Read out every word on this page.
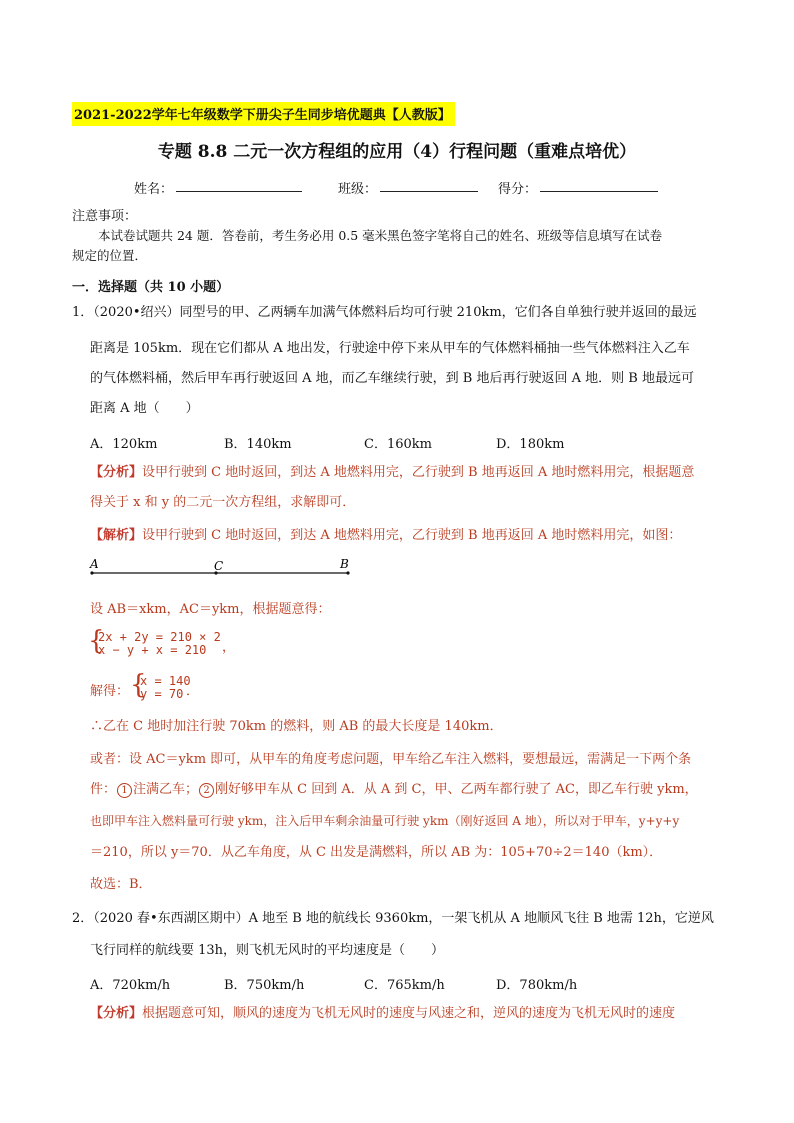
2021-2022学年七年级数学下册尖子生同步培优题典【人教版】
专题 8.8 二元一次方程组的应用（4）行程问题（重难点培优）
姓名：	班级：	得分：
注意事项：
本试卷试题共 24 题．答卷前，考生务必用 0.5 毫米黑色签字笔将自己的姓名、班级等信息填写在试卷
规定的位置．
一．选择题（共 10 小题）
1．（2020•绍兴）同型号的甲、乙两辆车加满气体燃料后均可行驶 210km，它们各自单独行驶并返回的最远
距离是 105km．现在它们都从 A 地出发，行驶途中停下来从甲车的气体燃料桶抽一些气体燃料注入乙车
的气体燃料桶，然后甲车再行驶返回 A 地，而乙车继续行驶，到 B 地后再行驶返回 A 地．则 B 地最远可
距离 A 地（　　）
A．120km	B．140km	C．160km	D．180km
【分析】设甲行驶到 C 地时返回，到达 A 地燃料用完，乙行驶到 B 地再返回 A 地时燃料用完，根据题意
得关于 x 和 y 的二元一次方程组，求解即可．
【解析】设甲行驶到 C 地时返回，到达 A 地燃料用完，乙行驶到 B 地再返回 A 地时燃料用完，如图：
A	C	B
设 AB＝xkm，AC＝ykm，根据题意得：
{
2x + 2y = 210 × 2
x − y + x = 210	，
解得： {
x = 140
y = 70 ．
∴乙在 C 地时加注行驶 70km 的燃料，则 AB 的最大长度是 140km．
或者：设 AC＝ykm 即可，从甲车的角度考虑问题，甲车给乙车注入燃料，要想最远，需满足一下两个条
件： 1 注满乙车； 2 刚好够甲车从 C 回到 A．从 A 到 C，甲、乙两车都行驶了 AC，即乙车行驶 ykm，
也即甲车注入燃料量可行驶 ykm，注入后甲车剩余油量可行驶 ykm（刚好返回 A 地），所以对于甲车，y+y+y
＝210，所以 y＝70．从乙车角度，从 C 出发是满燃料，所以 AB 为：105+70÷2＝140（km）．
故选：B．
2．（2020 春•东西湖区期中）A 地至 B 地的航线长 9360km，一架飞机从 A 地顺风飞往 B 地需 12h，它逆风
飞行同样的航线要 13h，则飞机无风时的平均速度是（　　）
A．720km/h	B．750km/h	C．765km/h	D．780km/h
【分析】根据题意可知，顺风的速度为飞机无风时的速度与风速之和，逆风的速度为飞机无风时的速度
